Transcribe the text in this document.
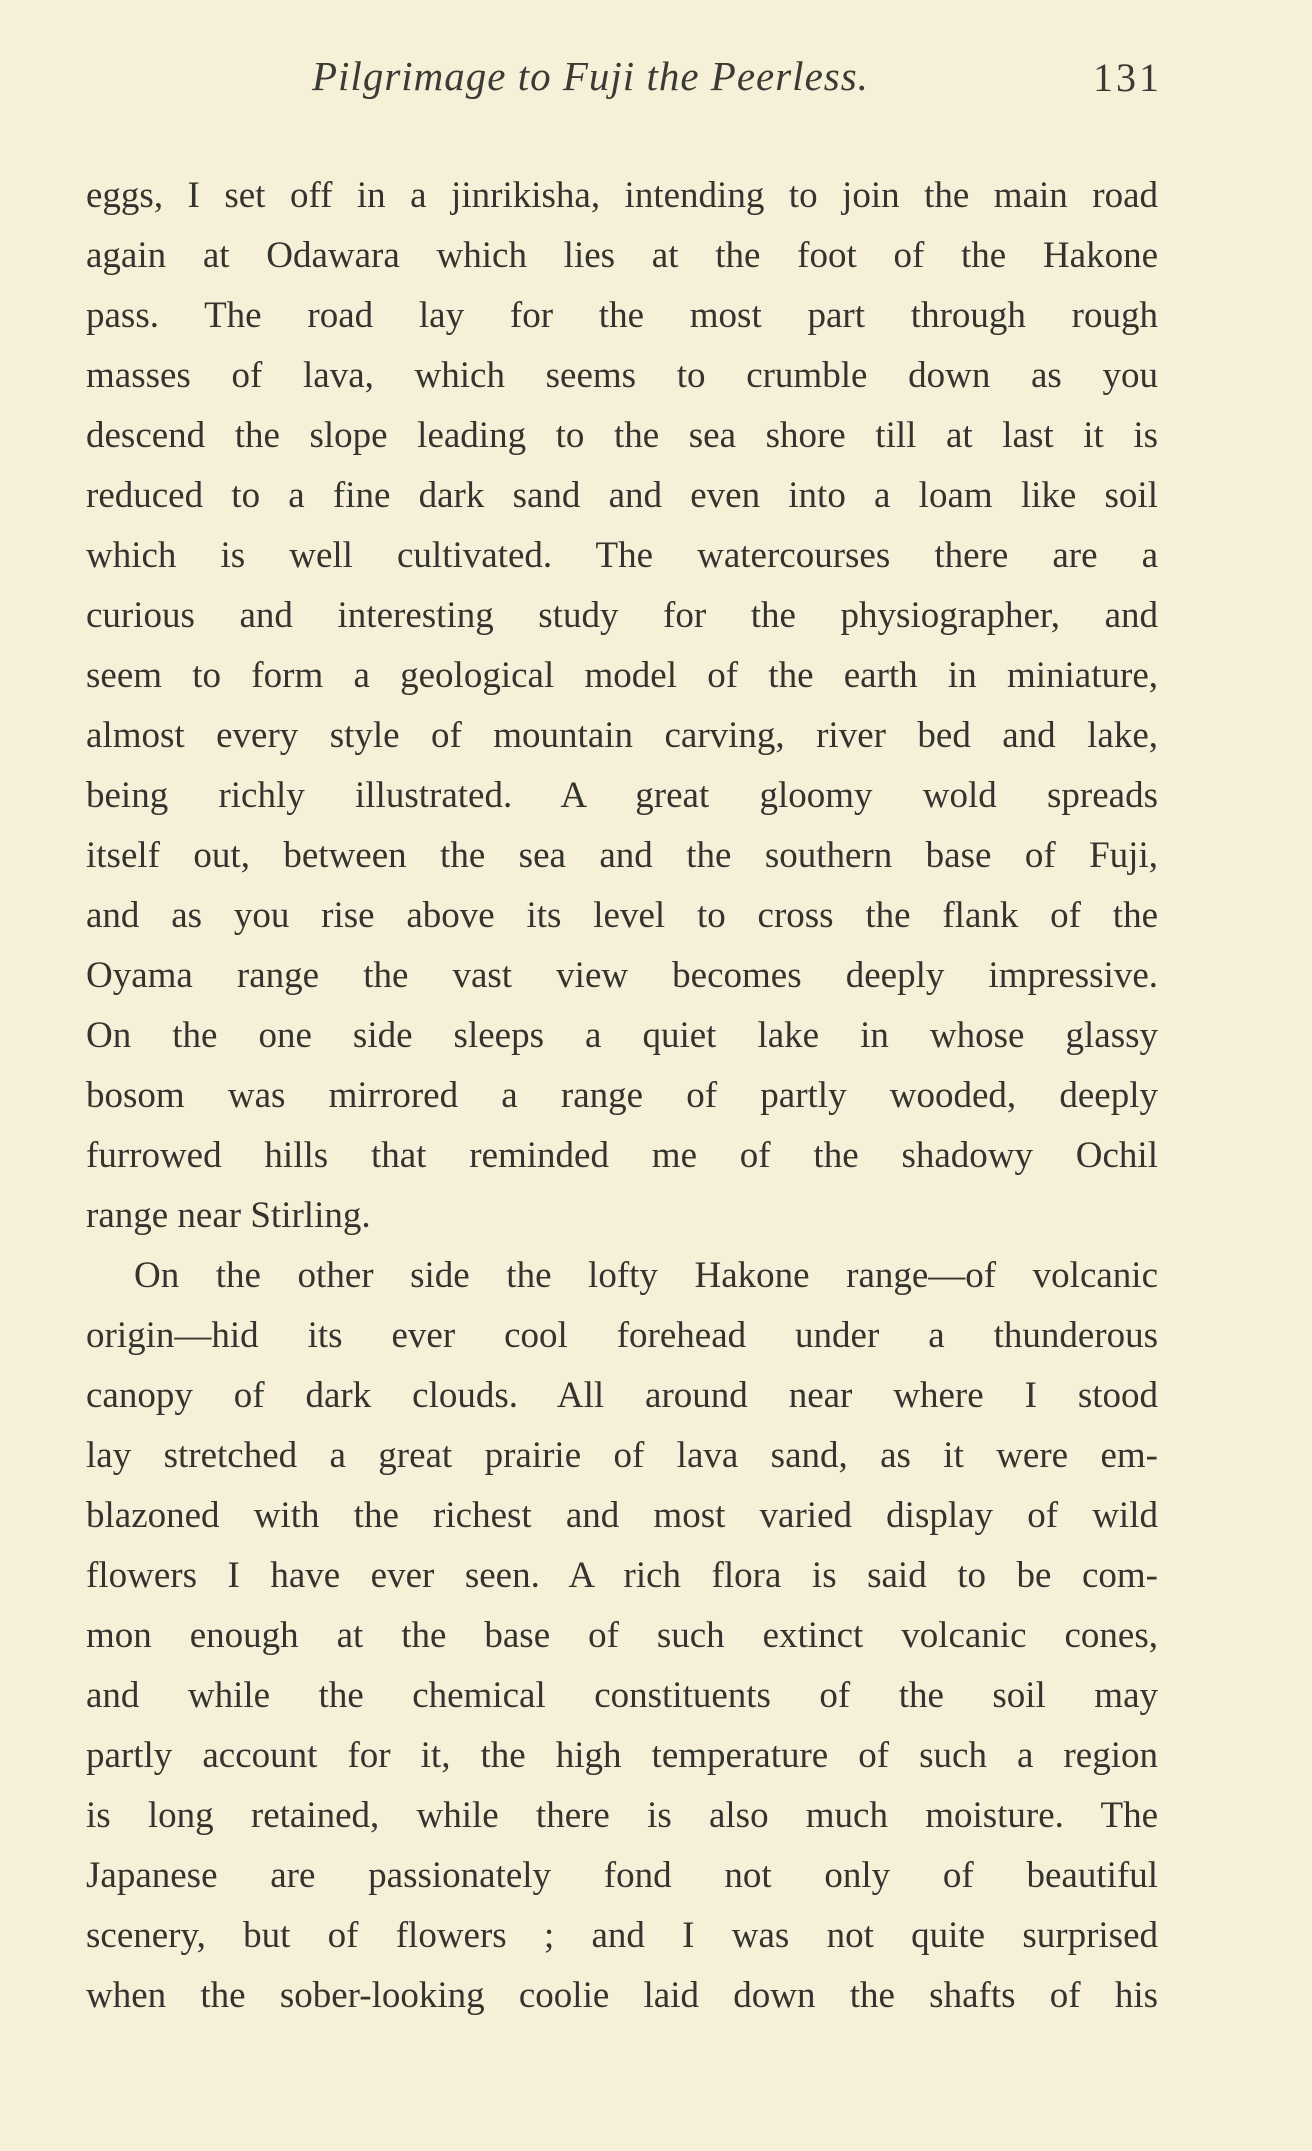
Pilgrimage to Fuji the Peerless.	131
eggs, I set off in a jinrikisha, intending to join the main road
again at Odawara which lies at the foot of the Hakone
pass. The road lay for the most part through rough
masses of lava, which seems to crumble down as you
descend the slope leading to the sea shore till at last it is
reduced to a fine dark sand and even into a loam like soil
which is well cultivated. The watercourses there are a
curious and interesting study for the physiographer, and
seem to form a geological model of the earth in miniature,
almost every style of mountain carving, river bed and lake,
being richly illustrated. A great gloomy wold spreads
itself out, between the sea and the southern base of Fuji,
and as you rise above its level to cross the flank of the
Oyama range the vast view becomes deeply impressive.
On the one side sleeps a quiet lake in whose glassy
bosom was mirrored a range of partly wooded, deeply
furrowed hills that reminded me of the shadowy Ochil
range near Stirling.
On the other side the lofty Hakone range—of volcanic
origin—hid its ever cool forehead under a thunderous
canopy of dark clouds. All around near where I stood
lay stretched a great prairie of lava sand, as it were em-
blazoned with the richest and most varied display of wild
flowers I have ever seen. A rich flora is said to be com-
mon enough at the base of such extinct volcanic cones,
and while the chemical constituents of the soil may
partly account for it, the high temperature of such a region
is long retained, while there is also much moisture. The
Japanese are passionately fond not only of beautiful
scenery, but of flowers ; and I was not quite surprised
when the sober-looking coolie laid down the shafts of his
